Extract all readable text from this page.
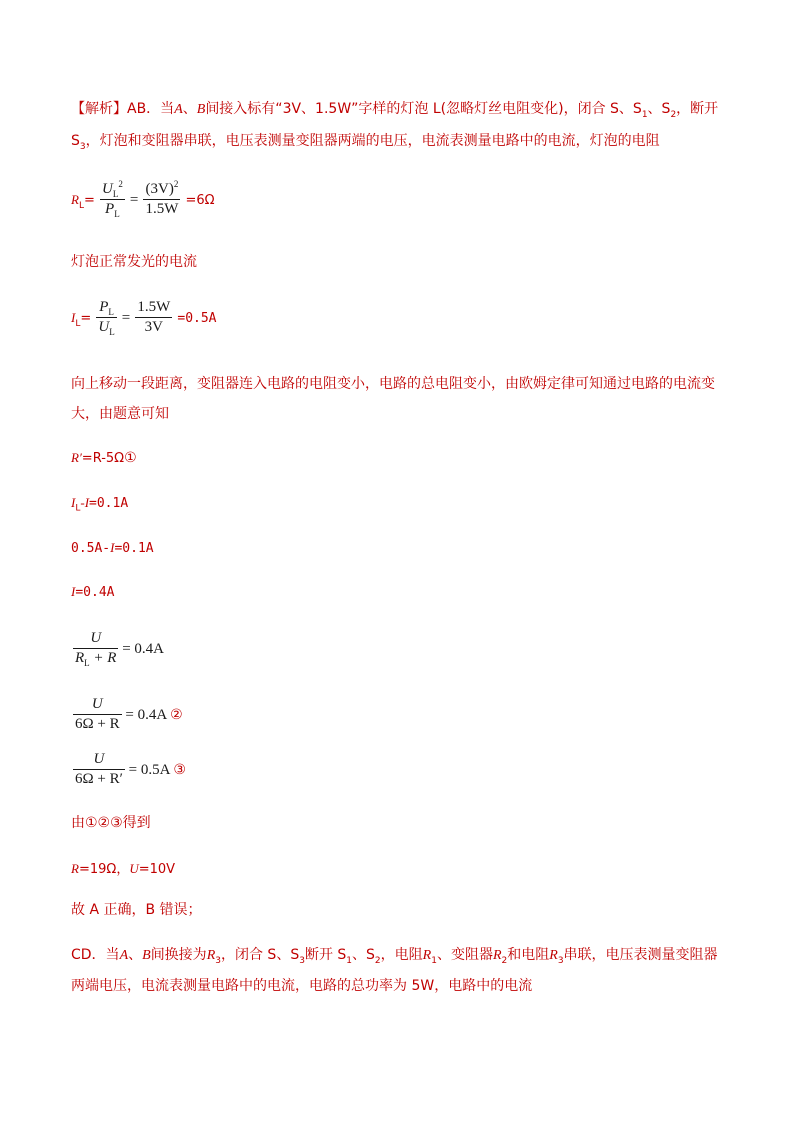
【解析】AB．当A、B间接入标有“3V、1.5W”字样的灯泡 L(忽略灯丝电阻变化)，闭合 S、$S_1$、$S_2$，断开
$S_3$，灯泡和变阻器串联，电压表测量变阻器两端的电压，电流表测量电路中的电流，灯泡的电阻
$R_L= \frac{U_L^2}{P_L} = \frac{(3V)^2}{1.5W} =6\Omega$
灯泡正常发光的电流
$I_L= \frac{P_L}{U_L} = \frac{1.5W}{3V} =0.5A$
向上移动一段距离，变阻器连入电路的电阻变小，电路的总电阻变小，由欧姆定律可知通过电路的电流变
大，由题意可知
R′=R-5Ω①
$I_L-I=0.1A$
0.5A-I=0.1A
I=0.4A
$\frac{U}{R_L + R} = 0.4A$
$\frac{U}{6\Omega + R} = 0.4A$ ②
$\frac{U}{6\Omega + R'} = 0.5A$ ③
由①②③得到
R=19Ω，U=10V
故 A 正确，B 错误；
CD．当A、B间换接为$R_3$，闭合 S、$S_3$断开 $S_1$、$S_2$，电阻$R_1$、变阻器$R_2$和电阻$R_3$串联，电压表测量变阻器
两端电压，电流表测量电路中的电流，电路的总功率为 5W，电路中的电流
